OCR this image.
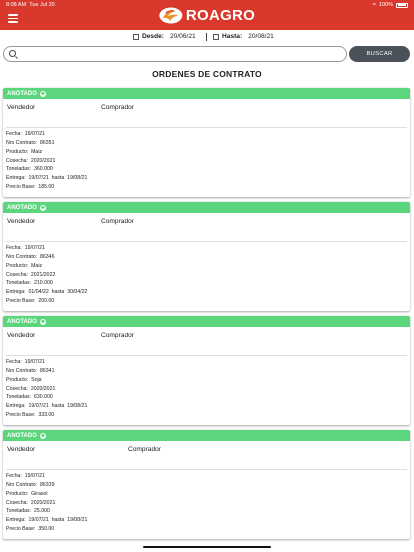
8:08 AM Tue Jul 20	≈ 100%
ROAGRO
Desde: 20/06/21	Hasta: 20/08/21
BUSCAR
ORDENES DE CONTRATO
ANOTADO
Vendedor	Comprador
Fecha: 19/07/21
Nro Contrato: 86351
Producto: Maiz
Cosecha: 2020/2021
Toneladas: 360.000
Entrega: 19/07/21 hasta 19/08/21
Precio Base: 185.00
ANOTADO
Vendedor	Comprador
Fecha: 19/07/21
Nro Contrato: 86346
Producto: Maiz
Cosecha: 2021/2022
Toneladas: 210.000
Entrega: 01/04/22 hasta 30/04/22
Precio Base: 200.00
ANOTADO
Vendedor	Comprador
Fecha: 19/07/21
Nro Contrato: 86341
Producto: Soja
Cosecha: 2020/2021
Toneladas: 630.000
Entrega: 19/07/21 hasta 19/08/21
Precio Base: 333.00
ANOTADO
Vendedor	Comprador
Fecha: 19/07/21
Nro Contrato: 86339
Producto: Girasol
Cosecha: 2020/2021
Toneladas: 25.000
Entrega: 19/07/21 hasta 19/08/21
Precio Base: 350.00
